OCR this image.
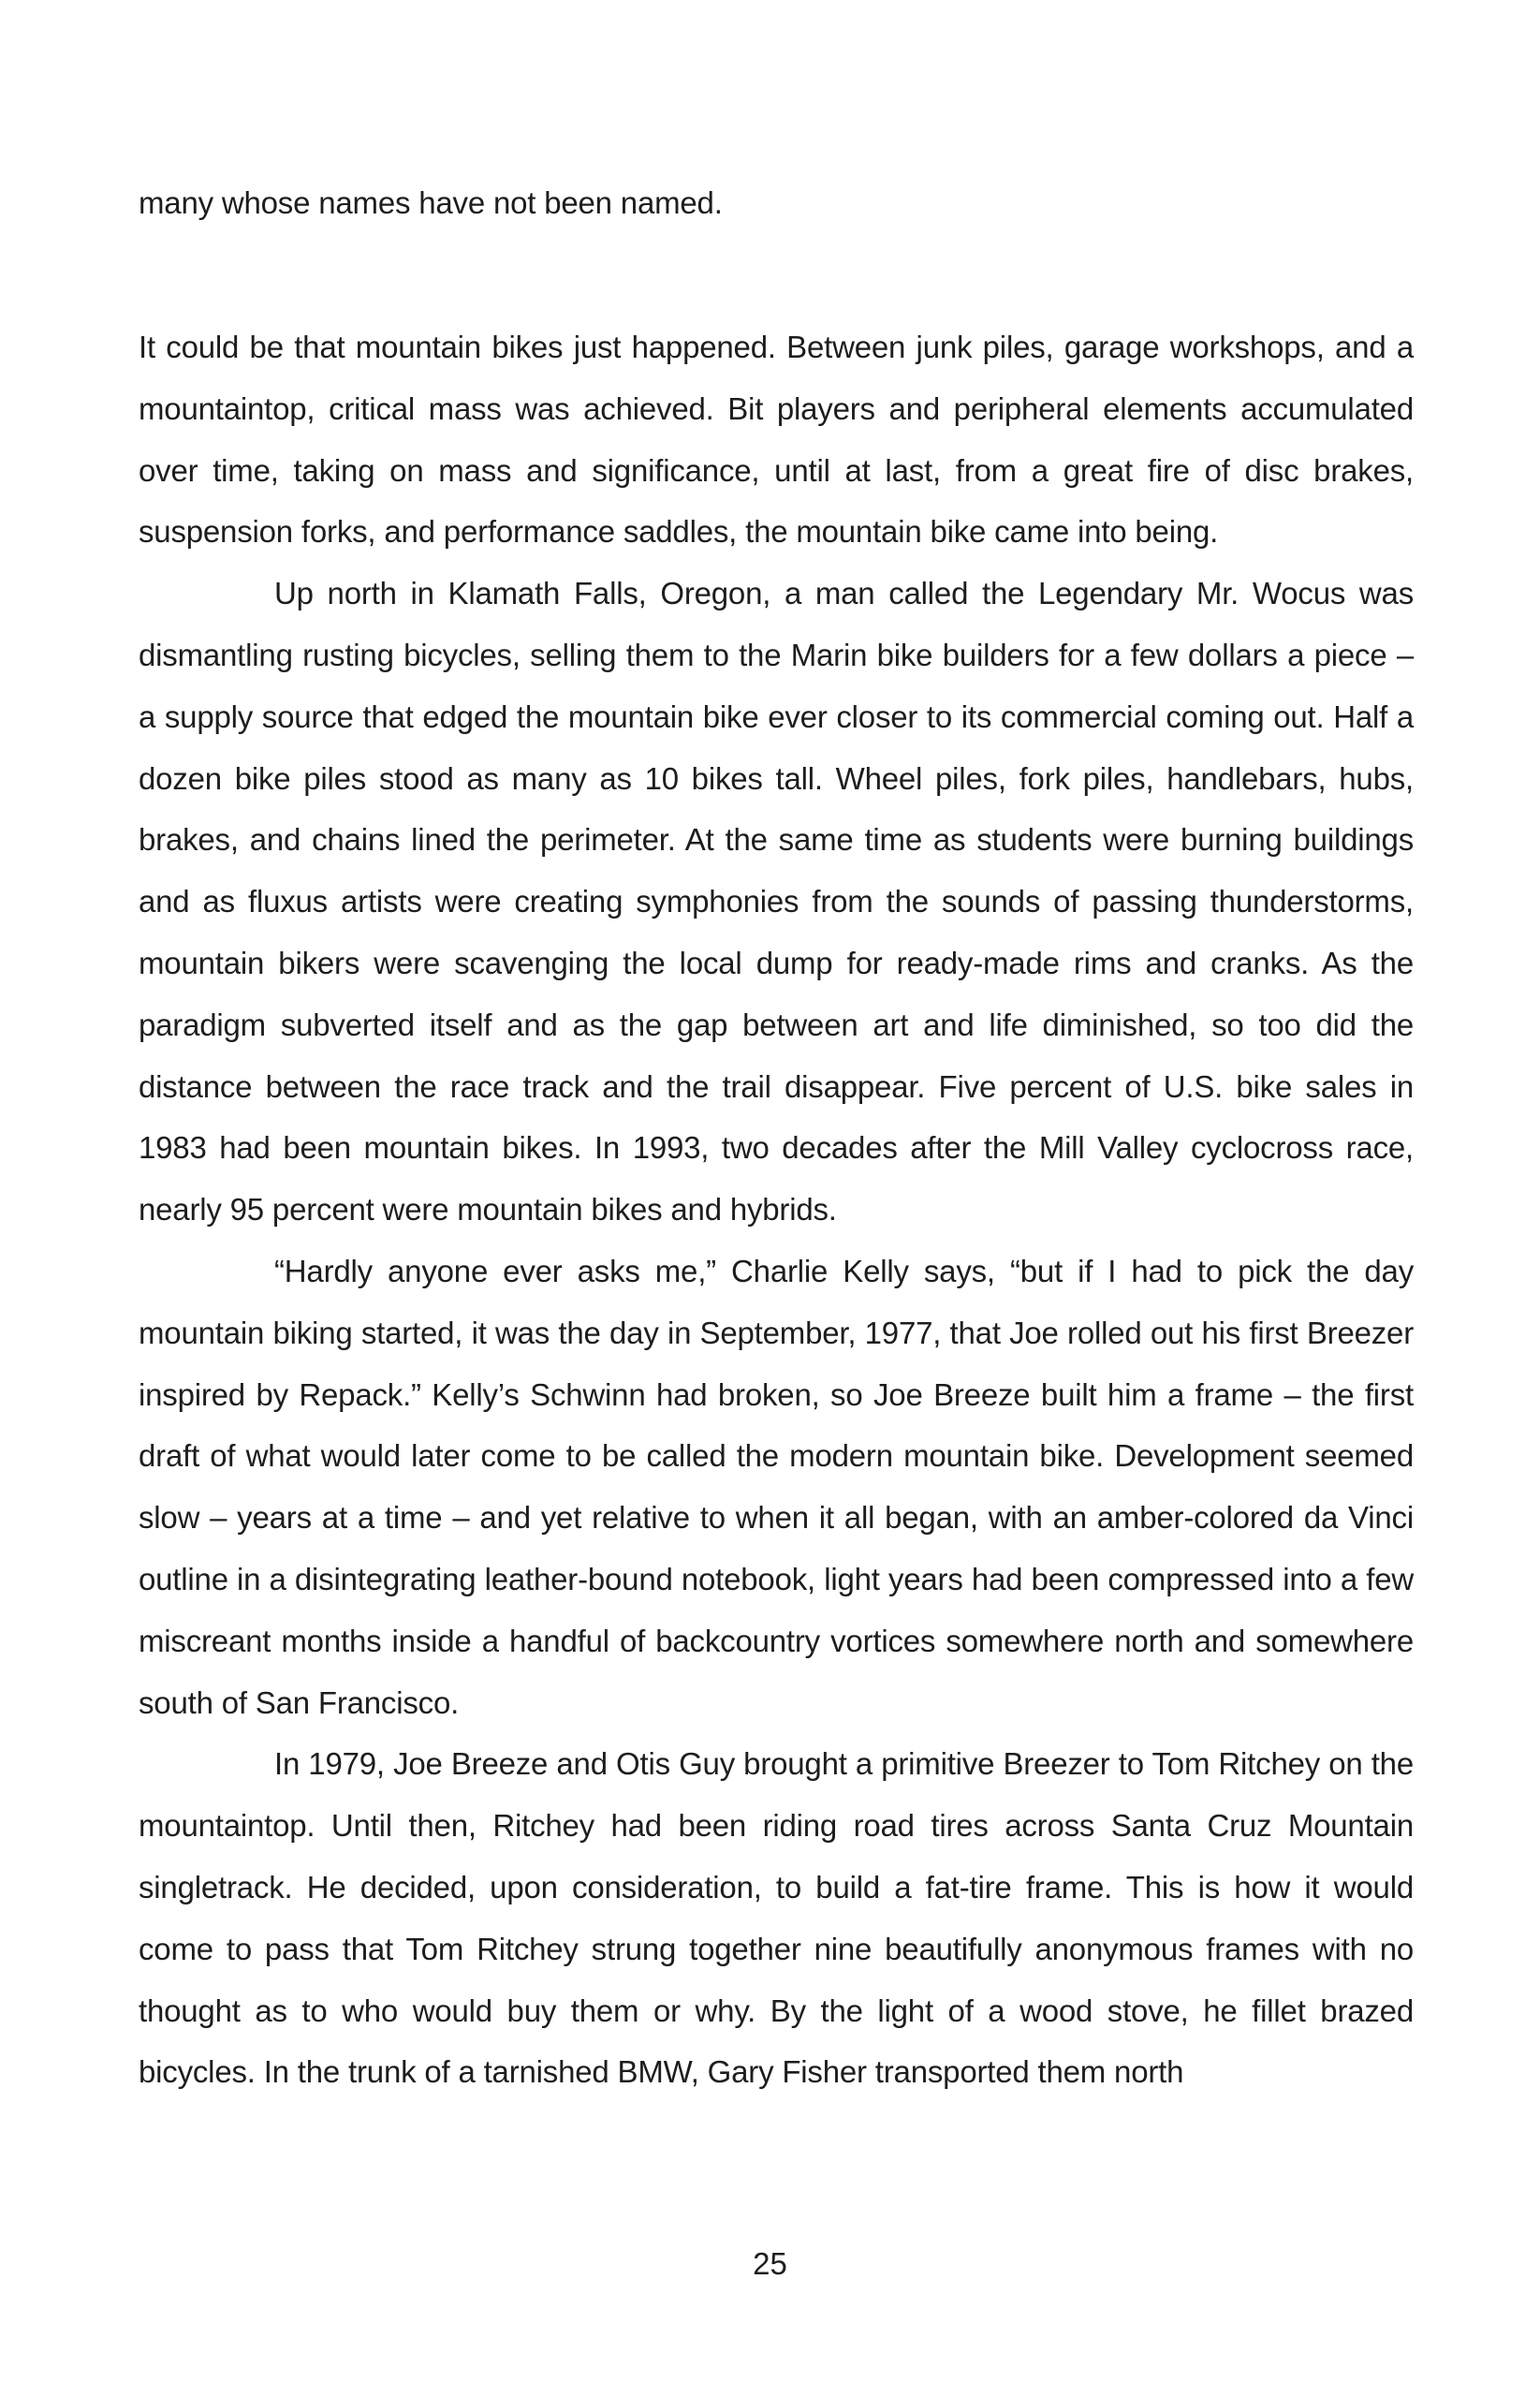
many whose names have not been named.

It could be that mountain bikes just happened. Between junk piles, garage workshops, and a mountaintop, critical mass was achieved. Bit players and peripheral elements accumulated over time, taking on mass and significance, until at last, from a great fire of disc brakes, suspension forks, and performance saddles, the mountain bike came into being.

Up north in Klamath Falls, Oregon, a man called the Legendary Mr. Wocus was dismantling rusting bicycles, selling them to the Marin bike builders for a few dollars a piece – a supply source that edged the mountain bike ever closer to its commercial coming out. Half a dozen bike piles stood as many as 10 bikes tall. Wheel piles, fork piles, handlebars, hubs, brakes, and chains lined the perimeter. At the same time as students were burning buildings and as fluxus artists were creating symphonies from the sounds of passing thunderstorms, mountain bikers were scavenging the local dump for ready-made rims and cranks. As the paradigm subverted itself and as the gap between art and life diminished, so too did the distance between the race track and the trail disappear. Five percent of U.S. bike sales in 1983 had been mountain bikes. In 1993, two decades after the Mill Valley cyclocross race, nearly 95 percent were mountain bikes and hybrids.

“Hardly anyone ever asks me,” Charlie Kelly says, “but if I had to pick the day mountain biking started, it was the day in September, 1977, that Joe rolled out his first Breezer inspired by Repack.” Kelly’s Schwinn had broken, so Joe Breeze built him a frame – the first draft of what would later come to be called the modern mountain bike. Development seemed slow – years at a time – and yet relative to when it all began, with an amber-colored da Vinci outline in a disintegrating leather-bound notebook, light years had been compressed into a few miscreant months inside a handful of backcountry vortices somewhere north and somewhere south of San Francisco.

In 1979, Joe Breeze and Otis Guy brought a primitive Breezer to Tom Ritchey on the mountaintop. Until then, Ritchey had been riding road tires across Santa Cruz Mountain singletrack. He decided, upon consideration, to build a fat-tire frame. This is how it would come to pass that Tom Ritchey strung together nine beautifully anonymous frames with no thought as to who would buy them or why. By the light of a wood stove, he fillet brazed bicycles. In the trunk of a tarnished BMW, Gary Fisher transported them north

25
